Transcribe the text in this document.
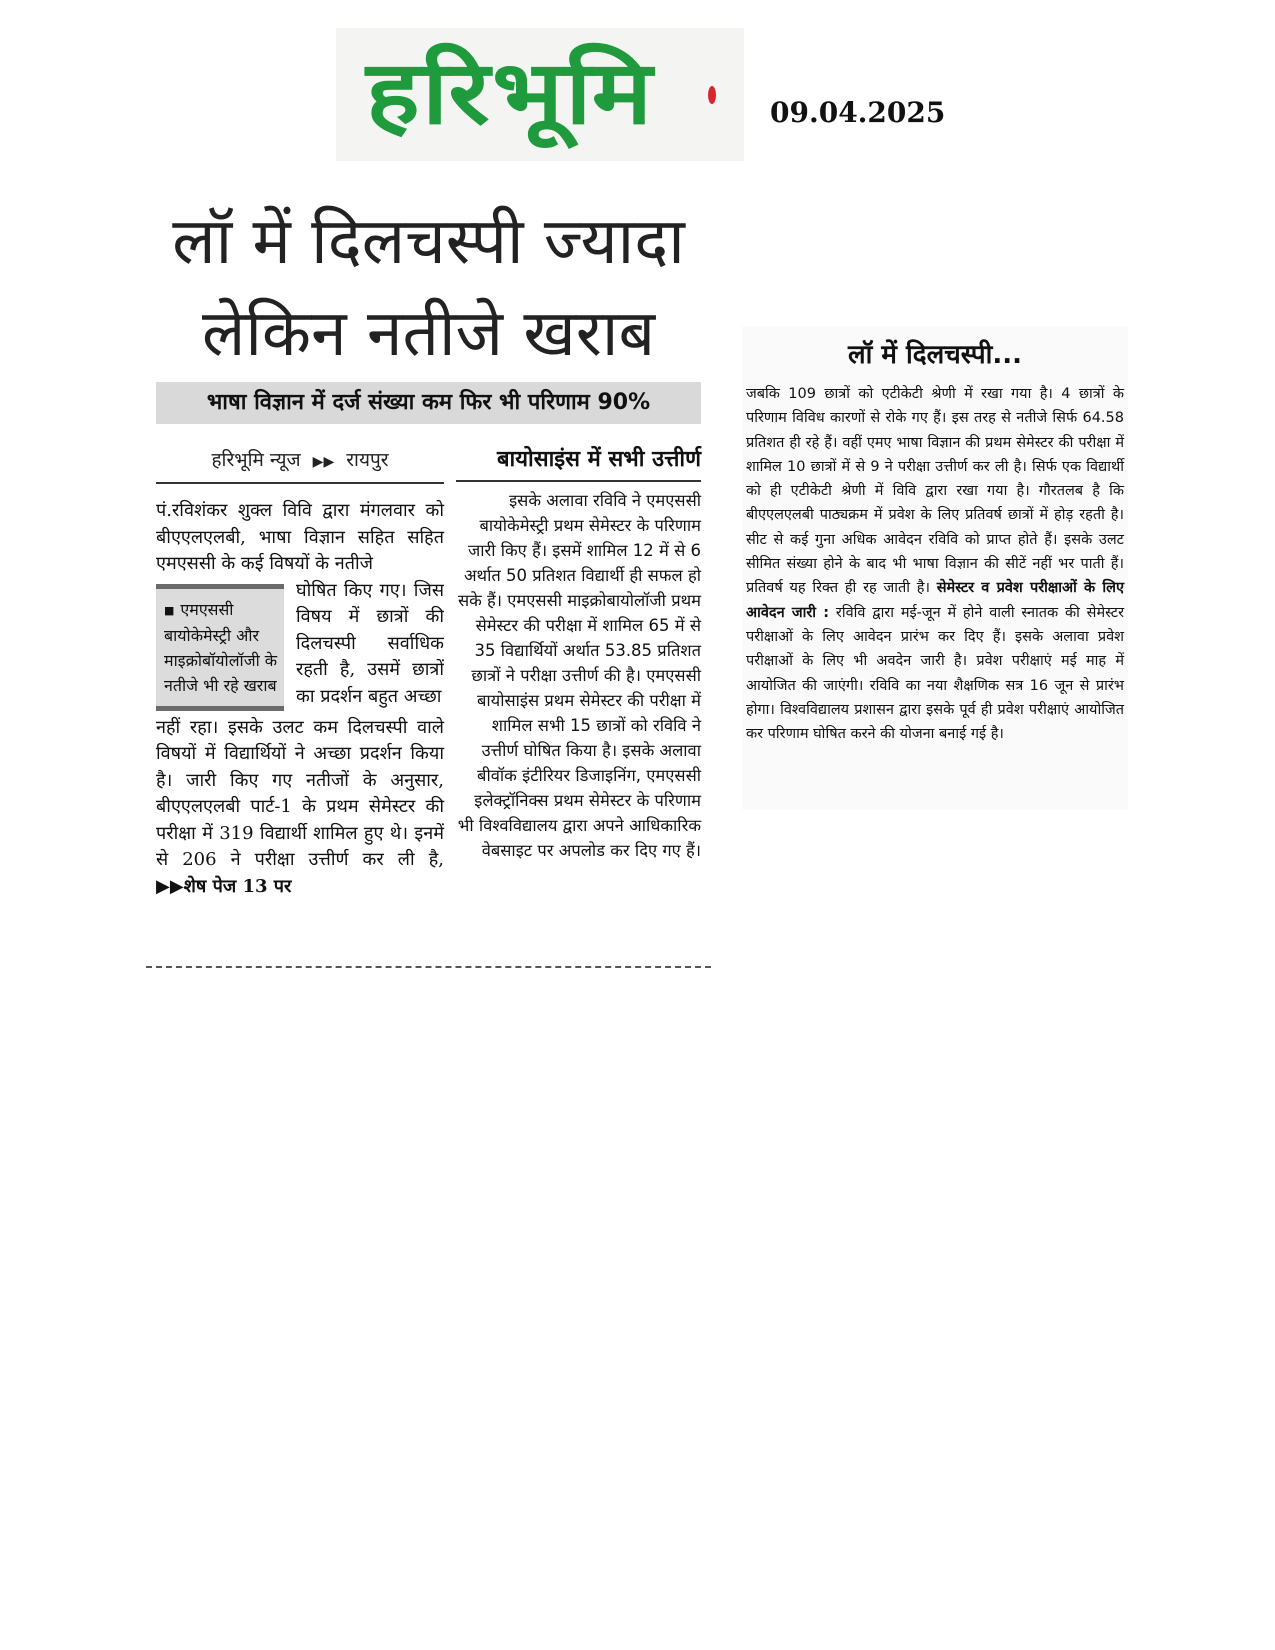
हरिभूमि	09.04.2025
लॉ में दिलचस्पी ज्यादा
लेकिन नतीजे खराब
भाषा विज्ञान में दर्ज संख्या कम फिर भी परिणाम 90%
हरिभूमि न्यूज ▶▶ रायपुर

पं.रविशंकर शुक्ल विवि द्वारा मंगलवार को बीएएलएलबी, भाषा विज्ञान सहित सहित एमएससी के कई विषयों के नतीजे

■ एमएससी बायोकेमेस्ट्री और माइक्रोबॉयोलॉजी के नतीजे भी रहे खराब

घोषित किए गए। जिस विषय में छात्रों की दिलचस्पी सर्वाधिक रहती है, उसमें छात्रों का प्रदर्शन बहुत अच्छा

नहीं रहा। इसके उलट कम दिलचस्पी वाले विषयों में विद्यार्थियों ने अच्छा प्रदर्शन किया है। जारी किए गए नतीजों के अनुसार, बीएएलएलबी पार्ट-1 के प्रथम सेमेस्टर की परीक्षा में 319 विद्यार्थी शामिल हुए थे। इनमें से 206 ने परीक्षा उत्तीर्ण कर ली है, ▶▶शेष पेज 13 पर

बायोसाइंस में सभी उत्तीर्ण

इसके अलावा रविवि ने एमएससी बायोकेमेस्ट्री प्रथम सेमेस्टर के परिणाम जारी किए हैं। इसमें शामिल 12 में से 6 अर्थात 50 प्रतिशत विद्यार्थी ही सफल हो सके हैं। एमएससी माइक्रोबायोलॉजी प्रथम सेमेस्टर की परीक्षा में शामिल 65 में से 35 विद्यार्थियों अर्थात 53.85 प्रतिशत छात्रों ने परीक्षा उत्तीर्ण की है। एमएससी बायोसाइंस प्रथम सेमेस्टर की परीक्षा में शामिल सभी 15 छात्रों को रविवि ने उत्तीर्ण घोषित किया है। इसके अलावा बीवॉक इंटीरियर डिजाइनिंग, एमएससी इलेक्ट्रॉनिक्स प्रथम सेमेस्टर के परिणाम भी विश्वविद्यालय द्वारा अपने आधिकारिक वेबसाइट पर अपलोड कर दिए गए हैं।

लॉ में दिलचस्पी...

जबकि 109 छात्रों को एटीकेटी श्रेणी में रखा गया है। 4 छात्रों के परिणाम विविध कारणों से रोके गए हैं। इस तरह से नतीजे सिर्फ 64.58 प्रतिशत ही रहे हैं। वहीं एमए भाषा विज्ञान की प्रथम सेमेस्टर की परीक्षा में शामिल 10 छात्रों में से 9 ने परीक्षा उत्तीर्ण कर ली है। सिर्फ एक विद्यार्थी को ही एटीकेटी श्रेणी में विवि द्वारा रखा गया है। गौरतलब है कि बीएएलएलबी पाठ्यक्रम में प्रवेश के लिए प्रतिवर्ष छात्रों में होड़ रहती है। सीट से कई गुना अधिक आवेदन रविवि को प्राप्त होते हैं। इसके उलट सीमित संख्या होने के बाद भी भाषा विज्ञान की सीटें नहीं भर पाती हैं। प्रतिवर्ष यह रिक्त ही रह जाती है। सेमेस्टर व प्रवेश परीक्षाओं के लिए आवेदन जारी : रविवि द्वारा मई-जून में होने वाली स्नातक की सेमेस्टर परीक्षाओं के लिए आवेदन प्रारंभ कर दिए हैं। इसके अलावा प्रवेश परीक्षाओं के लिए भी अवदेन जारी है। प्रवेश परीक्षाएं मई माह में आयोजित की जाएंगी। रविवि का नया शैक्षणिक सत्र 16 जून से प्रारंभ होगा। विश्वविद्यालय प्रशासन द्वारा इसके पूर्व ही प्रवेश परीक्षाएं आयोजित कर परिणाम घोषित करने की योजना बनाई गई है।
